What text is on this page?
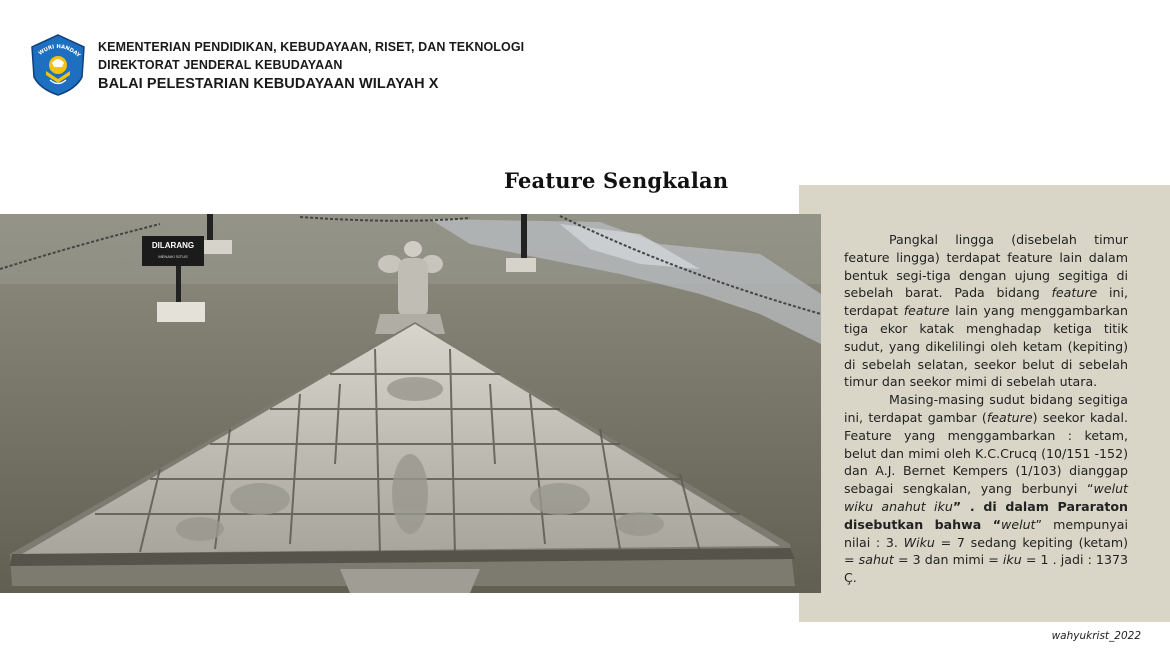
WURI HANDAY
KEMENTERIAN PENDIDIKAN, KEBUDAYAAN, RISET, DAN TEKNOLOGI
DIREKTORAT JENDERAL KEBUDAYAAN
BALAI PELESTARIAN KEBUDAYAAN WILAYAH X
Feature Sengkalan
DILARANG
MENAIKI SITUS

Pangkal lingga (disebelah timur feature lingga) terdapat feature lain dalam bentuk segi-tiga dengan ujung segitiga di sebelah barat. Pada bidang feature ini, terdapat feature lain yang menggambarkan tiga ekor katak menghadap ketiga titik sudut, yang dikelilingi oleh ketam (kepiting) di sebelah selatan, seekor belut di sebelah timur dan seekor mimi di sebelah utara.

Masing-masing sudut bidang segitiga ini, terdapat gambar (feature) seekor kadal. Feature yang menggambarkan : ketam, belut dan mimi oleh K.C.Crucq (10/151 -152) dan A.J. Bernet Kempers (1/103) dianggap sebagai sengkalan, yang berbunyi “welut wiku anahut iku” . di dalam Pararaton disebutkan bahwa “welut” mempunyai nilai : 3. Wiku = 7 sedang kepiting (ketam) = sahut = 3 dan mimi = iku = 1 . jadi : 1373 Ç.

wahyukrist_2022
